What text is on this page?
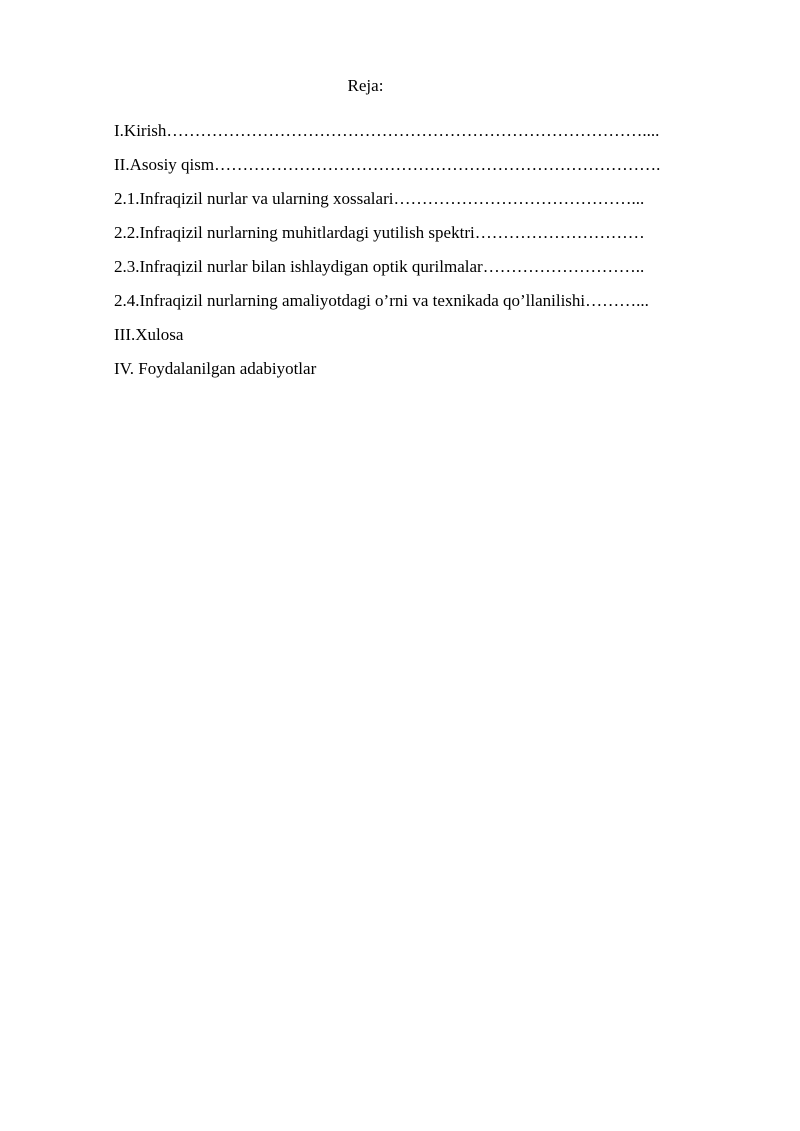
Reja:
I.Kirish…………………………………………………………………………....
II.Asosiy qism…………………………………………………………………….
2.1.Infraqizil nurlar va ularning xossalari……………………………………...
2.2.Infraqizil nurlarning muhitlardagi yutilish spektri…………………………
2.3.Infraqizil nurlar bilan ishlaydigan optik qurilmalar………………………..
2.4.Infraqizil nurlarning amaliyotdagi o’rni va texnikada qo’llanilishi………...
III.Xulosa
IV. Foydalanilgan adabiyotlar
